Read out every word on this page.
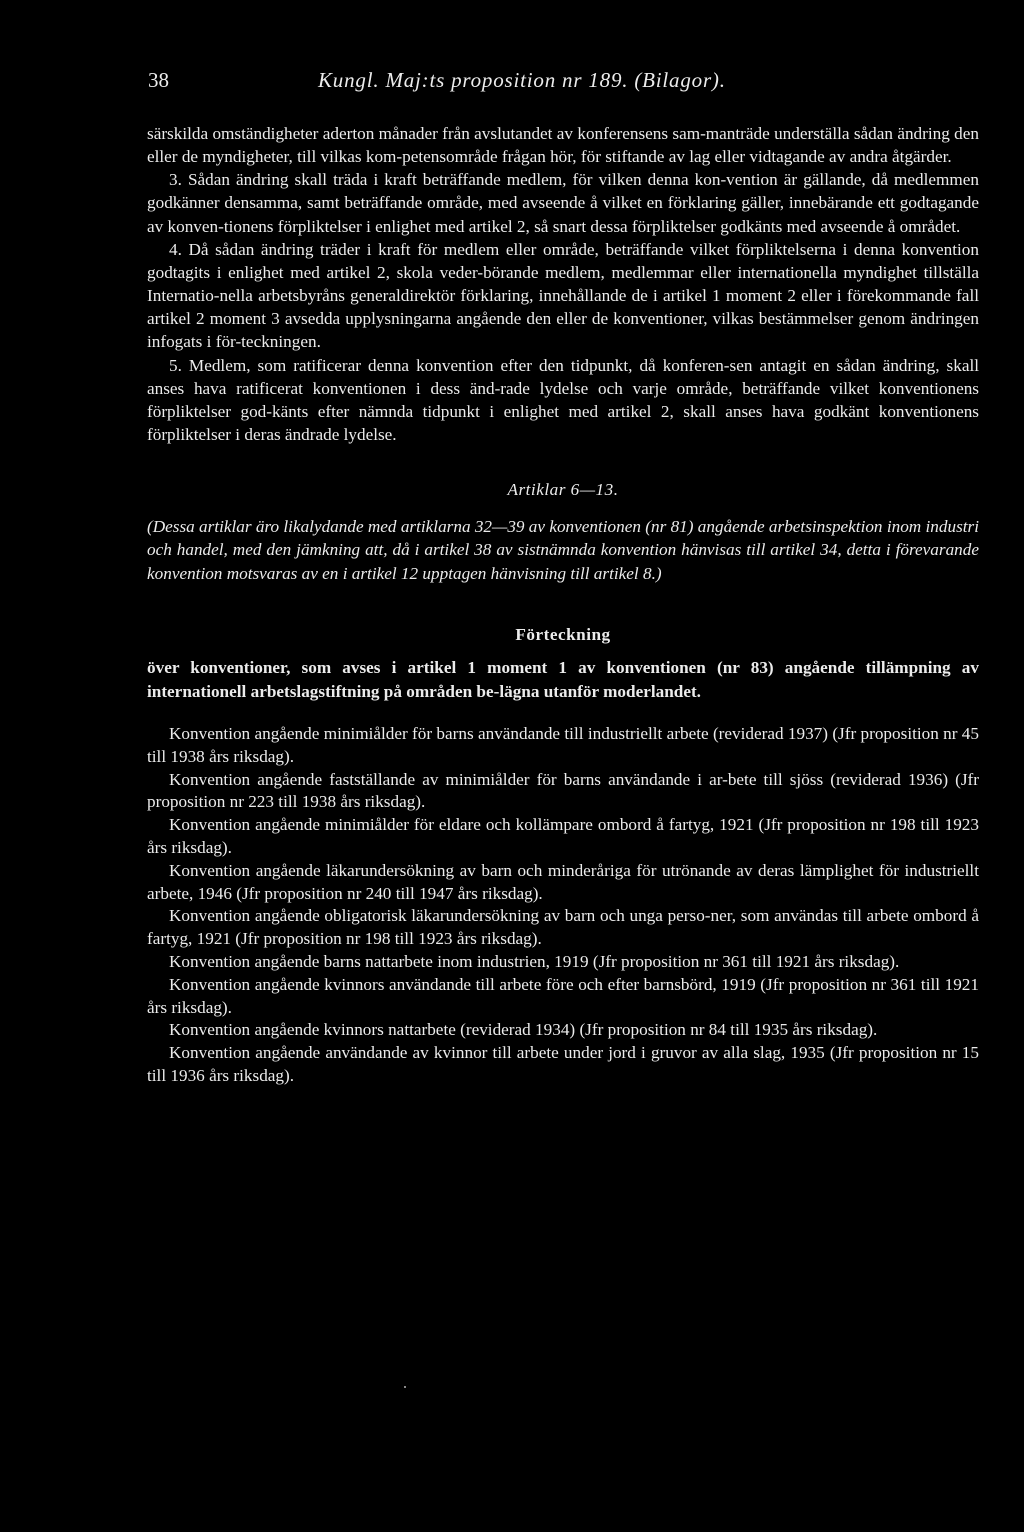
38	Kungl. Maj:ts proposition nr 189. (Bilagor).

särskilda omständigheter aderton månader från avslutandet av konferensens sam-manträde underställa sådan ändring den eller de myndigheter, till vilkas kom-petensområde frågan hör, för stiftande av lag eller vidtagande av andra åtgärder.

3. Sådan ändring skall träda i kraft beträffande medlem, för vilken denna kon-vention är gällande, då medlemmen godkänner densamma, samt beträffande område, med avseende å vilket en förklaring gäller, innebärande ett godtagande av konven-tionens förpliktelser i enlighet med artikel 2, så snart dessa förpliktelser godkänts med avseende å området.

4. Då sådan ändring träder i kraft för medlem eller område, beträffande vilket förpliktelserna i denna konvention godtagits i enlighet med artikel 2, skola veder-börande medlem, medlemmar eller internationella myndighet tillställa Internatio-nella arbetsbyråns generaldirektör förklaring, innehållande de i artikel 1 moment 2 eller i förekommande fall artikel 2 moment 3 avsedda upplysningarna angående den eller de konventioner, vilkas bestämmelser genom ändringen infogats i för-teckningen.

5. Medlem, som ratificerar denna konvention efter den tidpunkt, då konferen-sen antagit en sådan ändring, skall anses hava ratificerat konventionen i dess änd-rade lydelse och varje område, beträffande vilket konventionens förpliktelser god-känts efter nämnda tidpunkt i enlighet med artikel 2, skall anses hava godkänt konventionens förpliktelser i deras ändrade lydelse.

Artiklar 6—13.

(Dessa artiklar äro likalydande med artiklarna 32—39 av konventionen (nr 81) angående arbetsinspektion inom industri och handel, med den jämkning att, då i artikel 38 av sistnämnda konvention hänvisas till artikel 34, detta i förevarande konvention motsvaras av en i artikel 12 upptagen hänvisning till artikel 8.)

Förteckning

över konventioner, som avses i artikel 1 moment 1 av konventionen (nr 83) angående tillämpning av internationell arbetslagstiftning på områden be-lägna utanför moderlandet.

Konvention angående minimiålder för barns användande till industriellt arbete (reviderad 1937) (Jfr proposition nr 45 till 1938 års riksdag).

Konvention angående fastställande av minimiålder för barns användande i ar-bete till sjöss (reviderad 1936) (Jfr proposition nr 223 till 1938 års riksdag).

Konvention angående minimiålder för eldare och kollämpare ombord å fartyg, 1921 (Jfr proposition nr 198 till 1923 års riksdag).

Konvention angående läkarundersökning av barn och minderåriga för utrönande av deras lämplighet för industriellt arbete, 1946 (Jfr proposition nr 240 till 1947 års riksdag).

Konvention angående obligatorisk läkarundersökning av barn och unga perso-ner, som användas till arbete ombord å fartyg, 1921 (Jfr proposition nr 198 till 1923 års riksdag).

Konvention angående barns nattarbete inom industrien, 1919 (Jfr proposition nr 361 till 1921 års riksdag).

Konvention angående kvinnors användande till arbete före och efter barnsbörd, 1919 (Jfr proposition nr 361 till 1921 års riksdag).

Konvention angående kvinnors nattarbete (reviderad 1934) (Jfr proposition nr 84 till 1935 års riksdag).

Konvention angående användande av kvinnor till arbete under jord i gruvor av alla slag, 1935 (Jfr proposition nr 15 till 1936 års riksdag).
